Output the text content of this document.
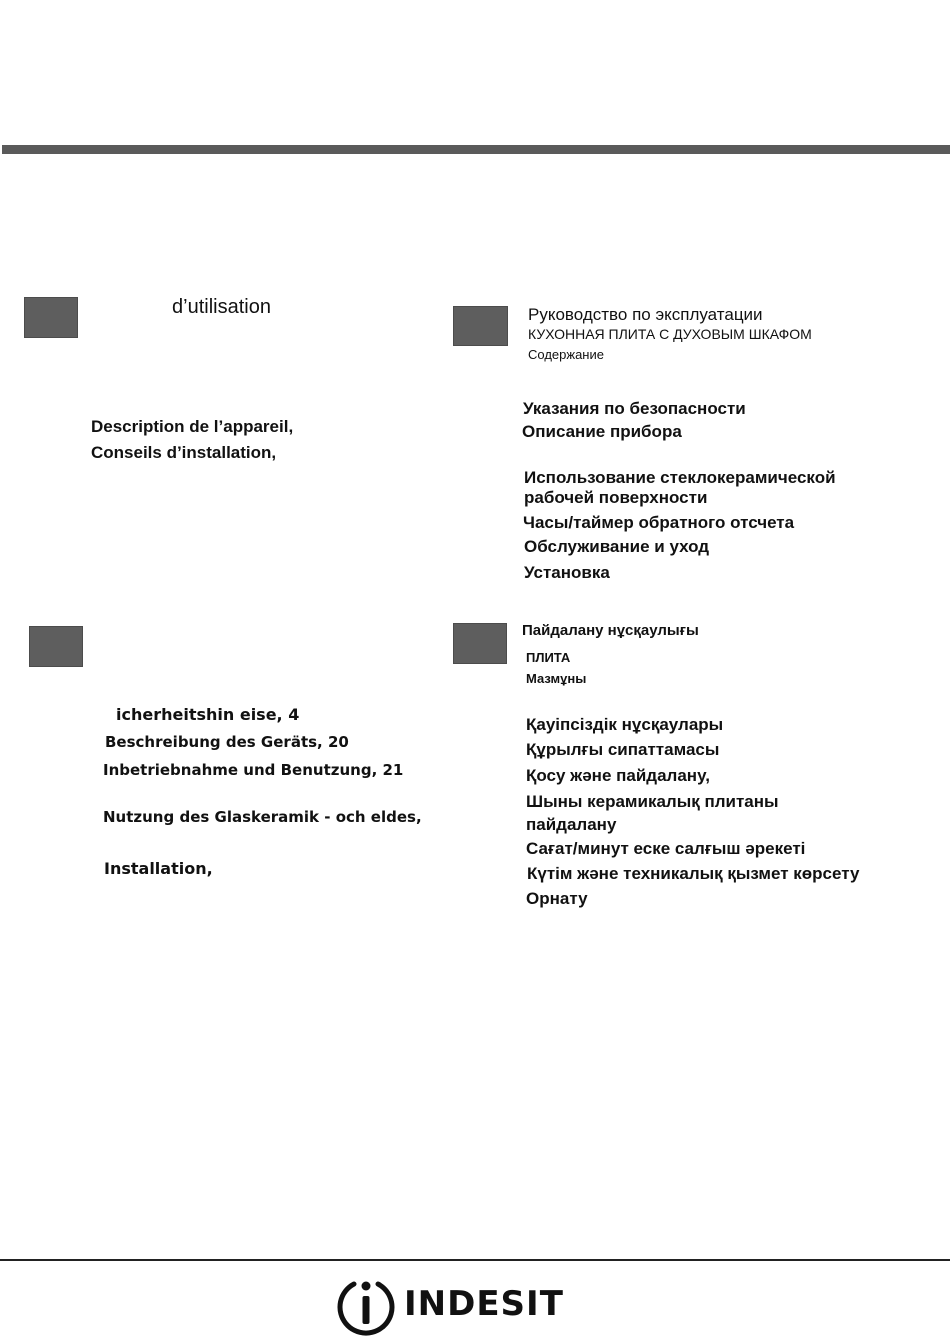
d’utilisation
Description de l’appareil,
Conseils d’installation,
Руководство по эксплуатации
КУХОННАЯ ПЛИТА С ДУХОВЫМ ШКАФОМ
Содержание
Указания по безопасности
Описание прибора
Использование стеклокерамической
рабочей поверхности
Часы/таймер обратного отсчета
Обслуживание и уход
Установка
icherheitshin eise, 4
Beschreibung des Geräts, 20
Inbetriebnahme und Benutzung, 21
Nutzung des Glaskeramik - och eldes,
Installation,
Пайдалану нұсқаулығы
ПЛИТА
Мазмұны
Қауіпсіздік нұсқаулары
Құрылғы сипаттамасы
Қосу және пайдалану,
Шыны керамикалық плитаны
пайдалану
Сағат/минут еске салғыш әрекеті
Күтім және техникалық қызмет көрсету
Орнату
INDESIT
